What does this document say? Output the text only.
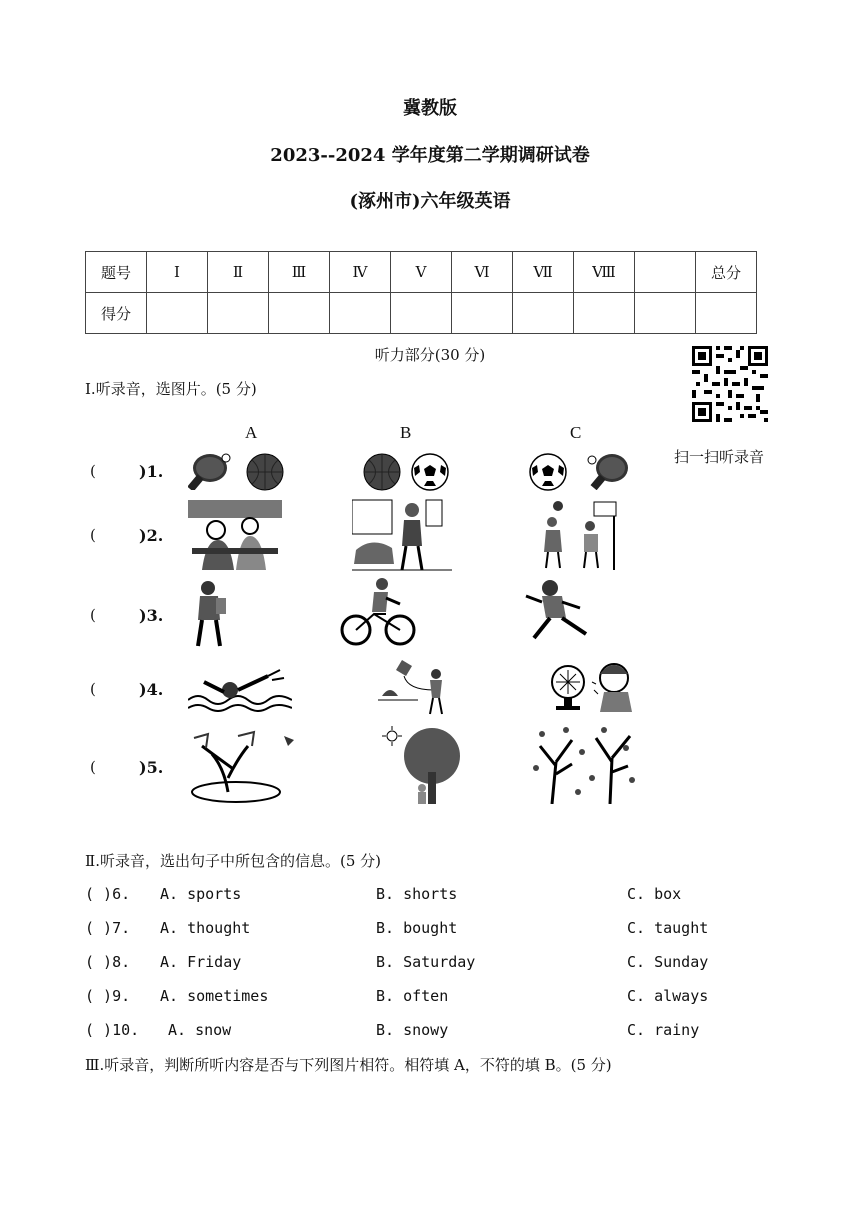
冀教版
2023--2024 学年度第二学期调研试卷
(涿州市)六年级英语
题号	Ⅰ	Ⅱ	Ⅲ	Ⅳ	Ⅴ	Ⅵ	Ⅶ	Ⅷ		总分
得分										
听力部分(30 分)
扫一扫听录音
Ⅰ.听录音，选图片。(5 分)
A	B	C
(	)1.
(	)2.
(	)3.
(	)4.
(	)5.
Ⅱ.听录音，选出句子中所包含的信息。(5 分)
( )6. A. sports	B. shorts	C. box
( )7. A. thought	B. bought	C. taught
( )8. A. Friday	B. Saturday	C. Sunday
( )9. A. sometimes	B. often	C. always
( )10. A. snow	B. snowy	C. rainy
Ⅲ.听录音，判断所听内容是否与下列图片相符。相符填 A，不符的填 B。(5 分)
